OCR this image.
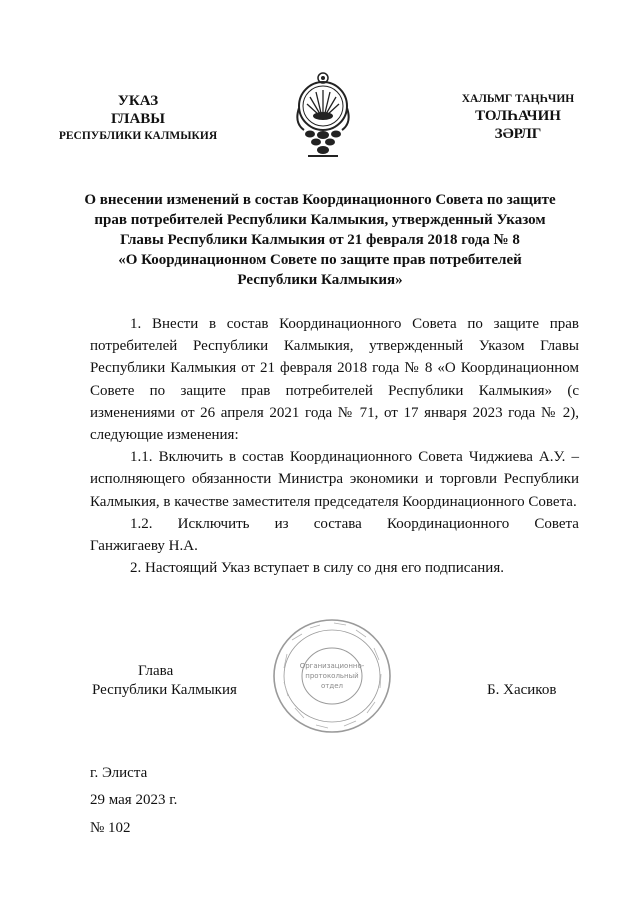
УКАЗ
ГЛАВЫ
РЕСПУБЛИКИ КАЛМЫКИЯ
ХАЛЬМГ ТАҢҺЧИН
ТОЛҺАЧИН
ЗӘРЛГ
О внесении изменений в состав Координационного Совета по защите
прав потребителей Республики Калмыкия, утвержденный Указом
Главы Республики Калмыкия от 21 февраля 2018 года № 8
«О Координационном Совете по защите прав потребителей
Республики Калмыкия»

1. Внести в состав Координационного Совета по защите прав потребителей Республики Калмыкия, утвержденный Указом Главы Республики Калмыкия от 21 февраля 2018 года № 8 «О Координационном Совете по защите прав потребителей Республики Калмыкия» (с изменениями от 26 апреля 2021 года № 71, от 17 января 2023 года № 2), следующие изменения:

1.1. Включить в состав Координационного Совета Чиджиева А.У. – исполняющего обязанности Министра экономики и торговли Республики Калмыкия, в качестве заместителя председателя Координационного Совета.

1.2. Исключить из состава Координационного Совета

Ганжигаеву Н.А.

2. Настоящий Указ вступает в силу со дня его подписания.

Организационно-
протокольный
отдел
Глава
Республики Калмыкия	Б. Хасиков
г. Элиста
29 мая 2023 г.
№ 102
